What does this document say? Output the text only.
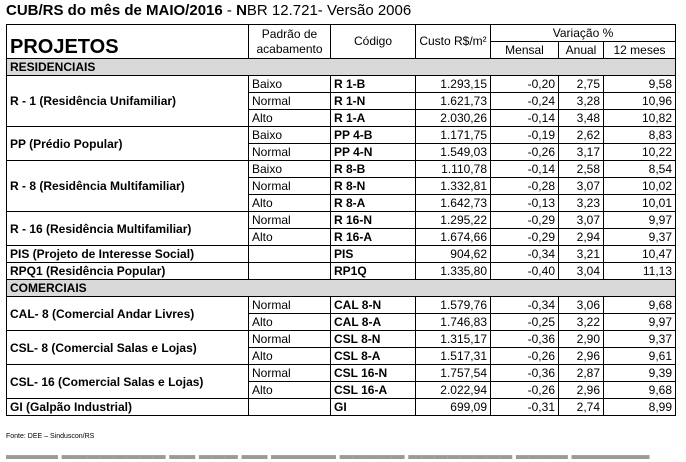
CUB/RS do mês de MAIO/2016 - NBR 12.721- Versão 2006
PROJETOS	Padrão de acabamento	Código	Custo R$/m²	Variação %		
				Mensal	Anual	12 meses
RESIDENCIAIS						
R - 1 (Residência Unifamiliar)	Baixo	R 1-B	1.293,15	-0,20	2,75	9,58
	Normal	R 1-N	1.621,73	-0,24	3,28	10,96
	Alto	R 1-A	2.030,26	-0,14	3,48	10,82
PP (Prédio Popular)	Baixo	PP 4-B	1.171,75	-0,19	2,62	8,83
	Normal	PP 4-N	1.549,03	-0,26	3,17	10,22
R - 8 (Residência Multifamiliar)	Baixo	R 8-B	1.110,78	-0,14	2,58	8,54
	Normal	R 8-N	1.332,81	-0,28	3,07	10,02
	Alto	R 8-A	1.642,73	-0,13	3,23	10,01
R - 16 (Residência Multifamiliar)	Normal	R 16-N	1.295,22	-0,29	3,07	9,97
	Alto	R 16-A	1.674,66	-0,29	2,94	9,37
PIS (Projeto de Interesse Social)		PIS	904,62	-0,34	3,21	10,47
RPQ1 (Residência Popular)		RP1Q	1.335,80	-0,40	3,04	11,13
COMERCIAIS						
CAL- 8 (Comercial Andar Livres)	Normal	CAL 8-N	1.579,76	-0,34	3,06	9,68
	Alto	CAL 8-A	1.746,83	-0,25	3,22	9,97
CSL- 8 (Comercial Salas e Lojas)	Normal	CSL 8-N	1.315,17	-0,36	2,90	9,37
	Alto	CSL 8-A	1.517,31	-0,26	2,96	9,61
CSL- 16 (Comercial Salas e Lojas)	Normal	CSL 16-N	1.757,54	-0,36	2,87	9,39
	Alto	CSL 16-A	2.022,94	-0,26	2,96	9,68
GI (Galpão Industrial)		GI	699,09	-0,31	2,74	8,99
Fonte: DEE – Sinduscon/RS
▬▬▬▬ ▬▬▬▬▬▬▬▬ ▬▬ ▬▬▬ ▬▬ ▬▬▬▬▬ ▬▬▬▬▬ ▬▬▬▬▬▬▬▬ ▬▬▬▬ ▬▬▬▬▬▬
